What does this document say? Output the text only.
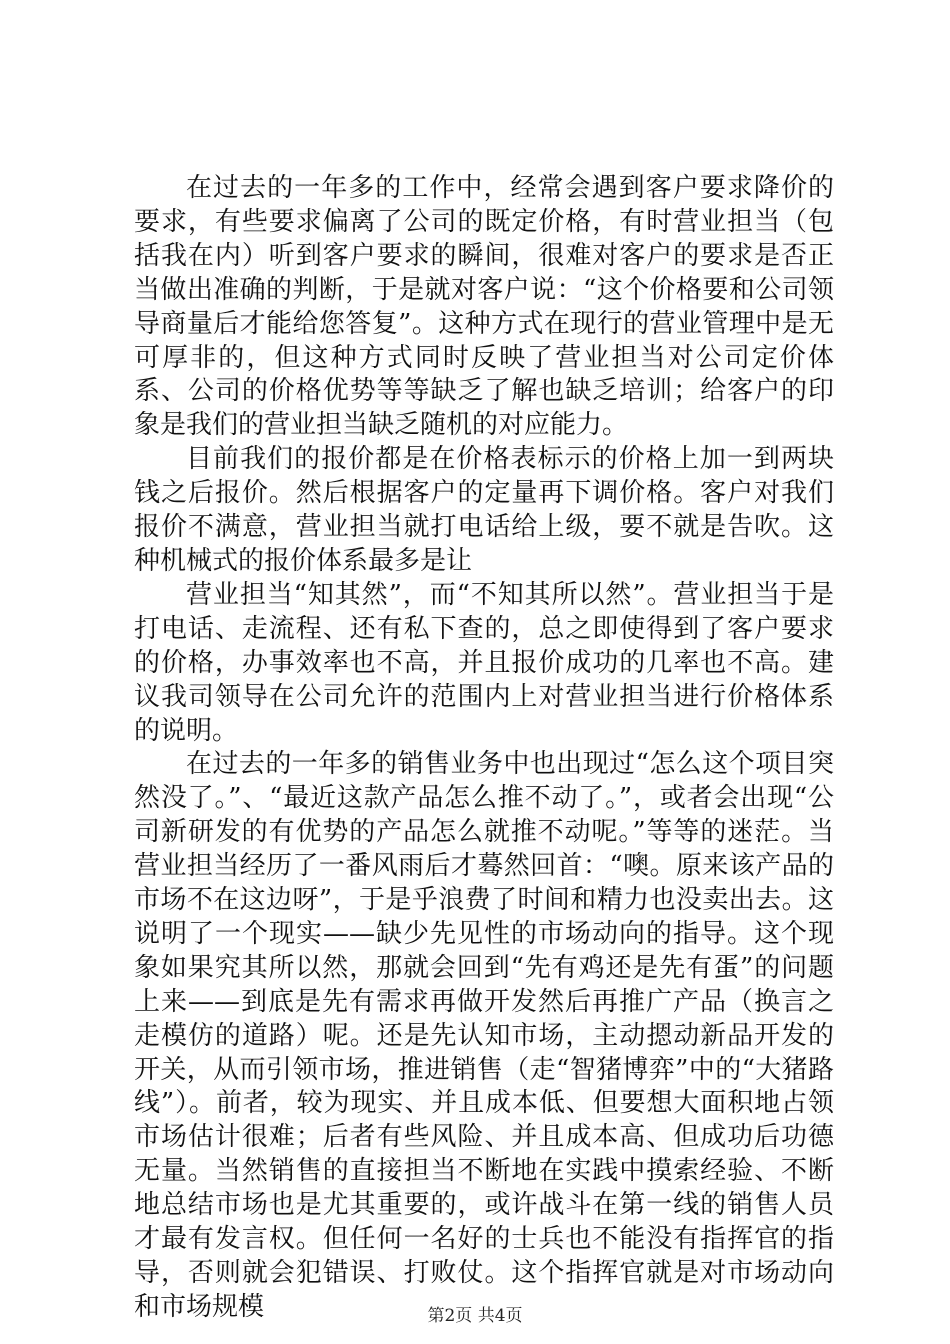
在过去的一年多的工作中，经常会遇到客户要求降价的要求，有些要求偏离了公司的既定价格，有时营业担当（包括我在内）听到客户要求的瞬间，很难对客户的要求是否正当做出准确的判断，于是就对客户说：“这个价格要和公司领导商量后才能给您答复”。这种方式在现行的营业管理中是无可厚非的，但这种方式同时反映了营业担当对公司定价体系、公司的价格优势等等缺乏了解也缺乏培训；给客户的印象是我们的营业担当缺乏随机的对应能力。

目前我们的报价都是在价格表标示的价格上加一到两块钱之后报价。然后根据客户的定量再下调价格。客户对我们报价不满意，营业担当就打电话给上级，要不就是告吹。这种机械式的报价体系最多是让

营业担当“知其然”，而“不知其所以然”。营业担当于是打电话、走流程、还有私下查的，总之即使得到了客户要求的价格，办事效率也不高，并且报价成功的几率也不高。建议我司领导在公司允许的范围内上对营业担当进行价格体系的说明。

在过去的一年多的销售业务中也出现过“怎么这个项目突然没了。”、“最近这款产品怎么推不动了。”，或者会出现“公司新研发的有优势的产品怎么就推不动呢。”等等的迷茫。当营业担当经历了一番风雨后才蓦然回首：“噢。原来该产品的市场不在这边呀”，于是乎浪费了时间和精力也没卖出去。这说明了一个现实——缺少先见性的市场动向的指导。这个现象如果究其所以然，那就会回到“先有鸡还是先有蛋”的问题上来——到底是先有需求再做开发然后再推广产品（换言之走模仿的道路）呢。还是先认知市场，主动摁动新品开发的开关，从而引领市场，推进销售（走“智猪博弈”中的“大猪路线”）。前者，较为现实、并且成本低、但要想大面积地占领市场估计很难；后者有些风险、并且成本高、但成功后功德无量。当然销售的直接担当不断地在实践中摸索经验、不断地总结市场也是尤其重要的，或许战斗在第一线的销售人员才最有发言权。但任何一名好的士兵也不能没有指挥官的指导，否则就会犯错误、打败仗。这个指挥官就是对市场动向和市场规模	第2页 共4页
